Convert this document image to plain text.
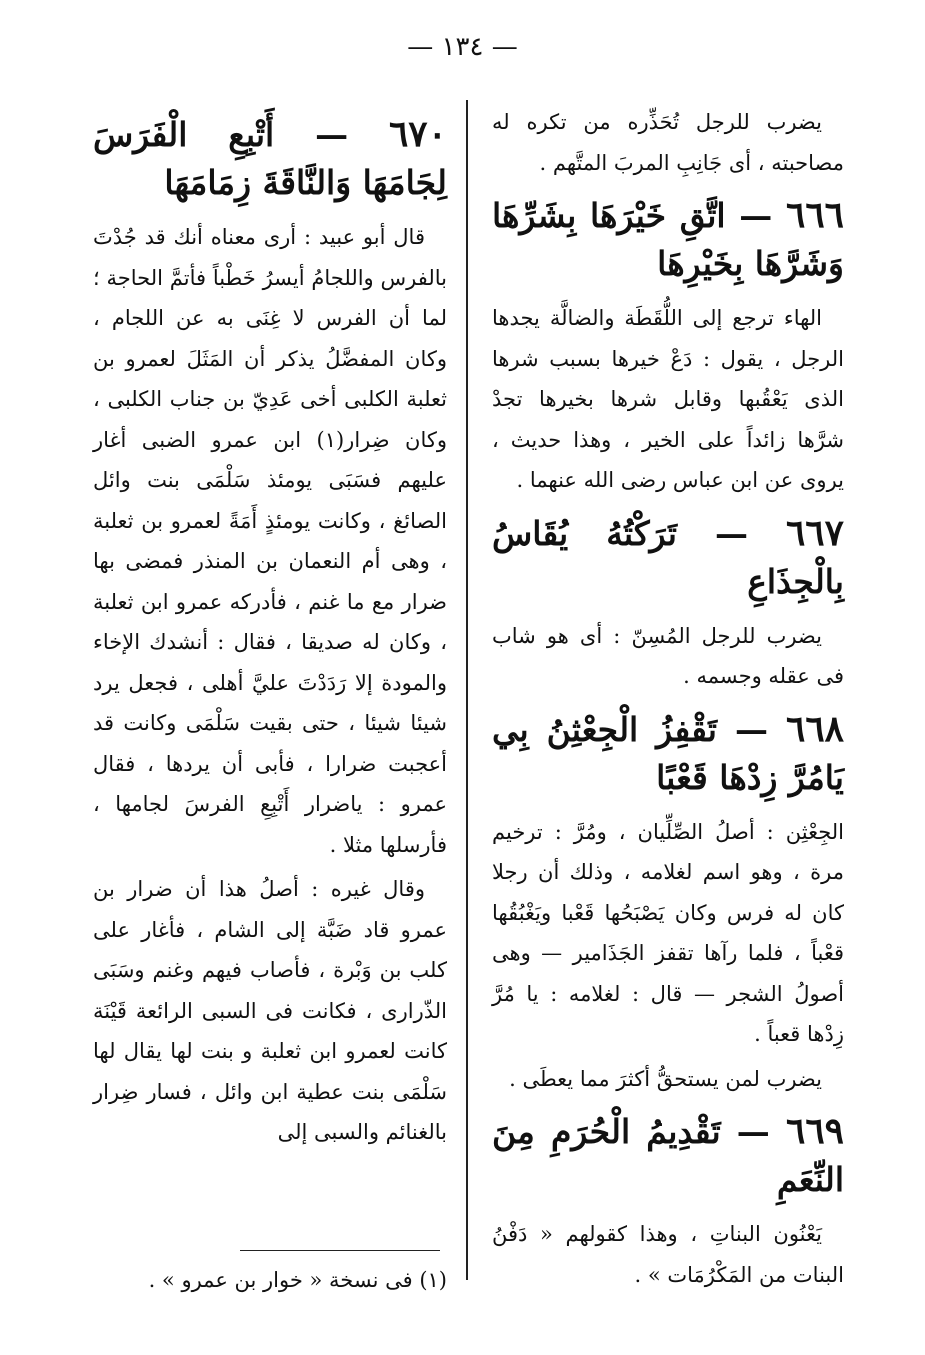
— ١٣٤ —

يضرب للرجل تُحَذِّره من تكره له مصاحبته ، أى جَانِبِ المربَ المتَّهم .

٦٦٦ — اتَّقِ خَيْرَهَا بِشَرِّهَا وَشَرَّهَا بِخَيْرِهَا

الهاء ترجع إلى اللُّقَطَة والضالَّة يجدها الرجل ، يقول : دَعْ خيرها بسبب شرها الذى يَعْقُبها وقابل شرها بخيرها تجدْ شرَّها زائداً على الخير ، وهذا حديث ، يروى عن ابن عباس رضى الله عنهما .

٦٦٧ — تَرَكْتُهُ يُقَاسُ بِالْجِذَاعِ

يضرب للرجل المُسِنّ : أى هو شاب فى عقله وجسمه .

٦٦٨ — تَقْفِزُ الْجِعْثِنُ بِي يَامُرَّ زِدْهَا قَعْبًا

الجِعْثِن : أصلُ الصِّلِّيان ، ومُرَّ : ترخيم مرة ، وهو اسم لغلامه ، وذلك أن رجلا كان له فرس وكان يَصْبَحُها قَعْبا ويَغْبُقُها قعْباً ، فلما رآها تقفز الجَذَامير — وهى أصولُ الشجر — قال : لغلامه : يا مُرَّ زِدْها قعباً .

يضرب لمن يستحقُّ أكثرَ مما يعطَى .

٦٦٩ — تَقْدِيمُ الْحُرَمِ مِنَ النِّعَمِ

يَعْنُون البناتِ ، وهذا كقولهم « دَفْنُ البنات من المَكْرُمَات » .

٦٧٠ — أَتْبِعِ الْفَرَسَ لِجَامَهَا وَالنَّاقَةَ زِمَامَهَا

قال أبو عبيد : أرى معناه أنك قد جُدْتَ بالفرس واللجامُ أيسرُ خَطْباً فأتمَّ الحاجة ؛ لما أن الفرس لا غِنَى به عن اللجام ، وكان المفضَّلُ يذكر أن المَثَلَ لعمرو بن ثعلبة الكلبى أخى عَدِيّ بن جناب الكلبى ، وكان ضِرار(١) ابن عمرو الضبى أغار عليهم فسَبَى يومئذ سَلْمَى بنت وائل الصائغ ، وكانت يومئذٍ أَمَةً لعمرو بن ثعلبة ، وهى أم النعمان بن المنذر فمضى بها ضرار مع ما غنم ، فأدركه عمرو ابن ثعلبة ، وكان له صديقا ، فقال : أنشدك الإخاء والمودة إلا رَدَدْتَ عليَّ أهلى ، فجعل يرد شيئا شيئا ، حتى بقيت سَلْمَى وكانت قد أعجبت ضرارا ، فأبى أن يردها ، فقال عمرو : ياضرار أَتْبِعِ الفرسَ لجامها ، فأرسلها مثلا .

وقال غيره : أصلُ هذا أن ضرار بن عمرو قاد ضَبَّة إلى الشام ، فأغار على كلب بن وَبْرة ، فأصاب فيهم وغنم وسَبَى الذّرارى ، فكانت فى السبى الرائعة قَيْنَة كانت لعمرو ابن ثعلبة و بنت لها يقال لها سَلْمَى بنت عطية ابن وائل ، فسار ضِرار بالغنائم والسبى إلى

(١) فى نسخة « خوار بن عمرو » .
